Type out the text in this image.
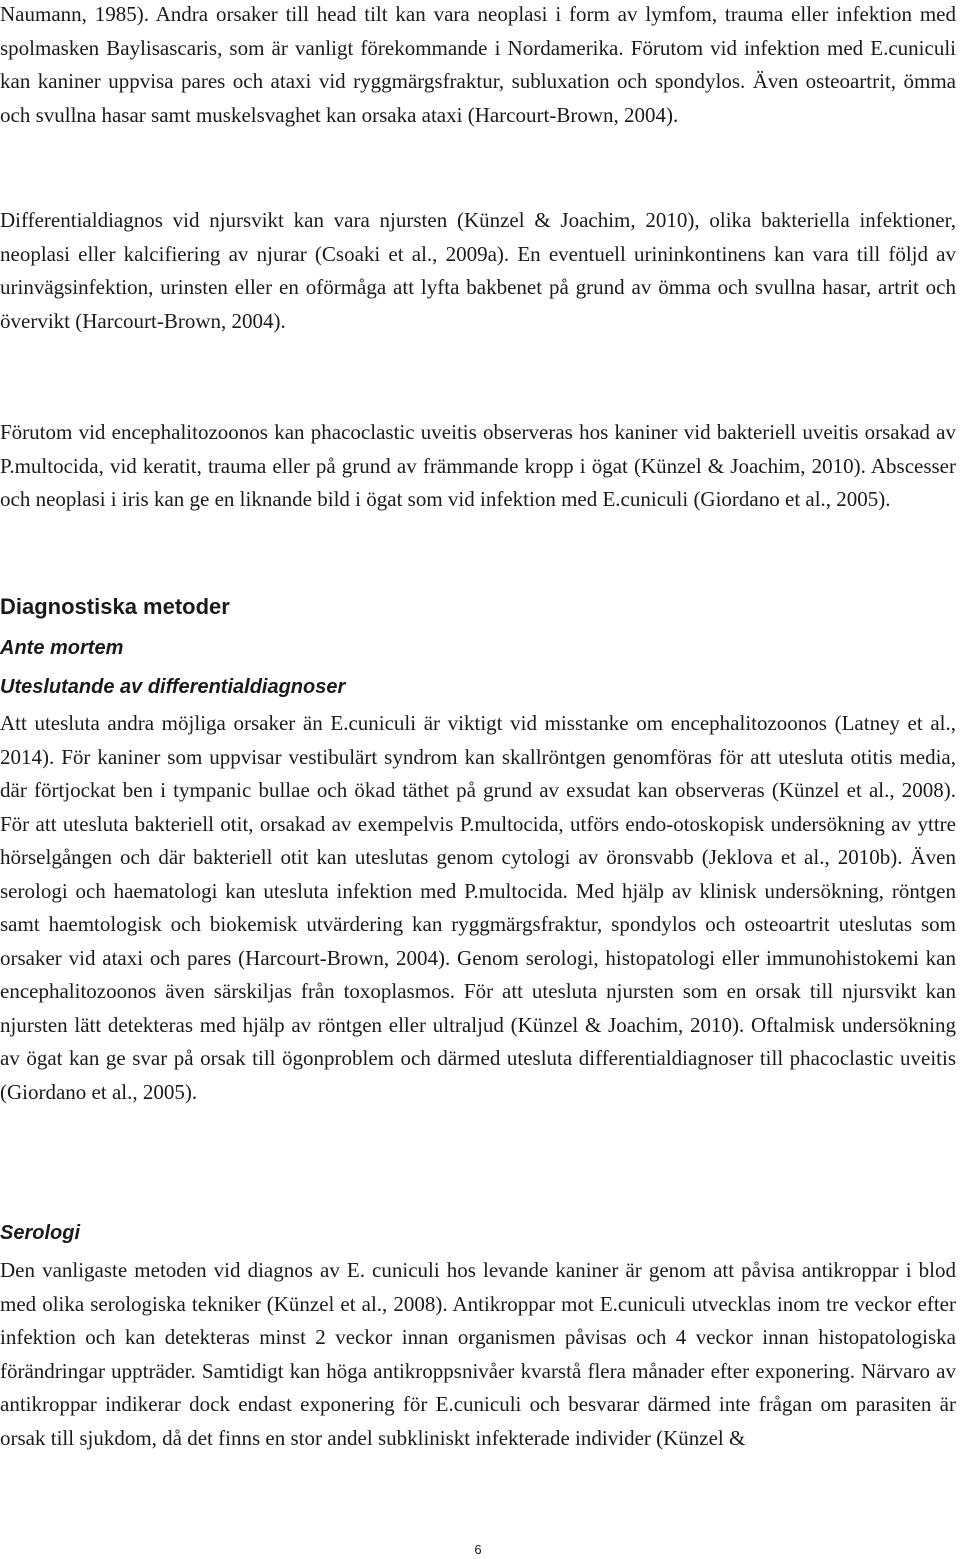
Naumann, 1985). Andra orsaker till head tilt kan vara neoplasi i form av lymfom, trauma eller infektion med spolmasken Baylisascaris, som är vanligt förekommande i Nordamerika. Förutom vid infektion med E.cuniculi kan kaniner uppvisa pares och ataxi vid ryggmärgsfraktur, subluxation och spondylos. Även osteoartrit, ömma och svullna hasar samt muskelsvaghet kan orsaka ataxi (Harcourt-Brown, 2004).

Differentialdiagnos vid njursvikt kan vara njursten (Künzel & Joachim, 2010), olika bakteriella infektioner, neoplasi eller kalcifiering av njurar (Csoaki et al., 2009a). En eventuell urininkontinens kan vara till följd av urinvägsinfektion, urinsten eller en oförmåga att lyfta bakbenet på grund av ömma och svullna hasar, artrit och övervikt (Harcourt-Brown, 2004).

Förutom vid encephalitozoonos kan phacoclastic uveitis observeras hos kaniner vid bakteriell uveitis orsakad av P.multocida, vid keratit, trauma eller på grund av främmande kropp i ögat (Künzel & Joachim, 2010). Abscesser och neoplasi i iris kan ge en liknande bild i ögat som vid infektion med E.cuniculi (Giordano et al., 2005).

Diagnostiska metoder
Ante mortem
Uteslutande av differentialdiagnoser

Att utesluta andra möjliga orsaker än E.cuniculi är viktigt vid misstanke om encephalitozoonos (Latney et al., 2014). För kaniner som uppvisar vestibulärt syndrom kan skallröntgen genomföras för att utesluta otitis media, där förtjockat ben i tympanic bullae och ökad täthet på grund av exsudat kan observeras (Künzel et al., 2008). För att utesluta bakteriell otit, orsakad av exempelvis P.multocida, utförs endo-otoskopisk undersökning av yttre hörselgången och där bakteriell otit kan uteslutas genom cytologi av öronsvabb (Jeklova et al., 2010b). Även serologi och haematologi kan utesluta infektion med P.multocida. Med hjälp av klinisk undersökning, röntgen samt haemtologisk och biokemisk utvärdering kan ryggmärgsfraktur, spondylos och osteoartrit uteslutas som orsaker vid ataxi och pares (Harcourt-Brown, 2004). Genom serologi, histopatologi eller immunohistokemi kan encephalitozoonos även särskiljas från toxoplasmos. För att utesluta njursten som en orsak till njursvikt kan njursten lätt detekteras med hjälp av röntgen eller ultraljud (Künzel & Joachim, 2010). Oftalmisk undersökning av ögat kan ge svar på orsak till ögonproblem och därmed utesluta differentialdiagnoser till phacoclastic uveitis (Giordano et al., 2005).

Serologi

Den vanligaste metoden vid diagnos av E. cuniculi hos levande kaniner är genom att påvisa antikroppar i blod med olika serologiska tekniker (Künzel et al., 2008). Antikroppar mot E.cuniculi utvecklas inom tre veckor efter infektion och kan detekteras minst 2 veckor innan organismen påvisas och 4 veckor innan histopatologiska förändringar uppträder. Samtidigt kan höga antikroppsnivåer kvarstå flera månader efter exponering. Närvaro av antikroppar indikerar dock endast exponering för E.cuniculi och besvarar därmed inte frågan om parasiten är orsak till sjukdom, då det finns en stor andel subkliniskt infekterade individer (Künzel &

6
